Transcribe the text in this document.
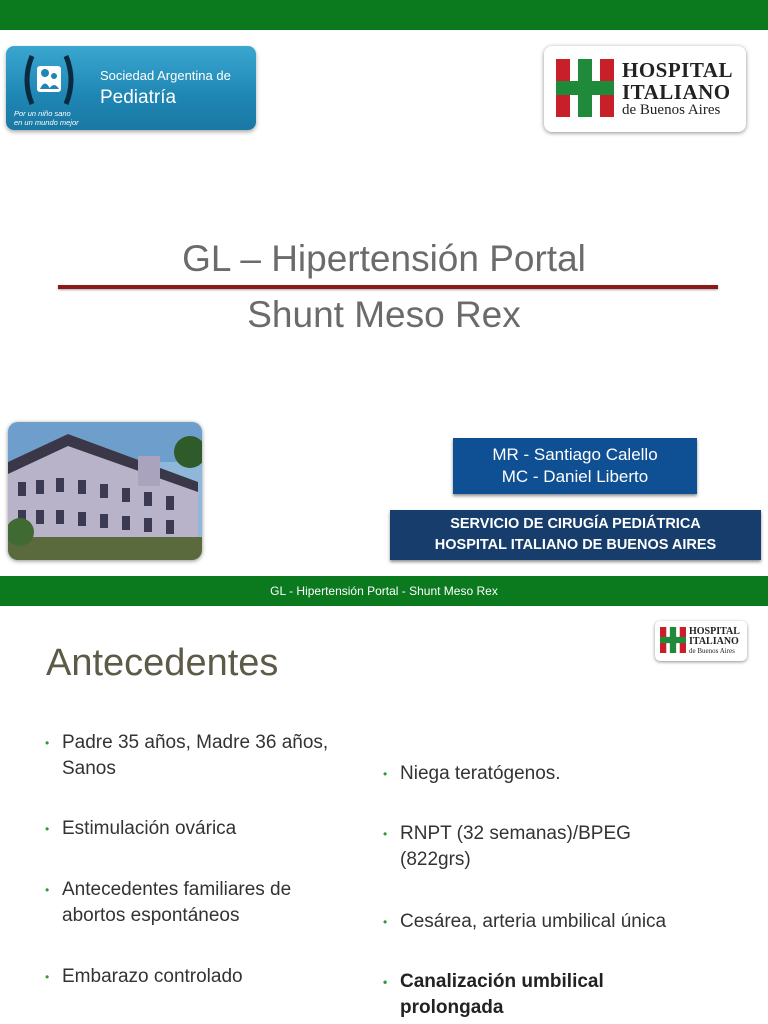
Sociedad Argentina de
Pediatría
Por un niño sano
en un mundo mejor
HOSPITAL
ITALIANO
de Buenos Aires
GL – Hipertensión Portal
Shunt Meso Rex
MR - Santiago Calello
MC - Daniel Liberto
SERVICIO DE CIRUGÍA PEDIÁTRICA
HOSPITAL ITALIANO DE BUENOS AIRES
GL - Hipertensión Portal - Shunt Meso Rex
HOSPITAL
ITALIANO
de Buenos Aires
Antecedentes
• Padre 35 años, Madre 36 años, Sanos
• Estimulación ovárica
• Antecedentes familiares de abortos espontáneos
• Embarazo controlado
• Niega teratógenos.
• RNPT (32 semanas)/BPEG (822grs)
• Cesárea, arteria umbilical única
• Canalización umbilical prolongada
